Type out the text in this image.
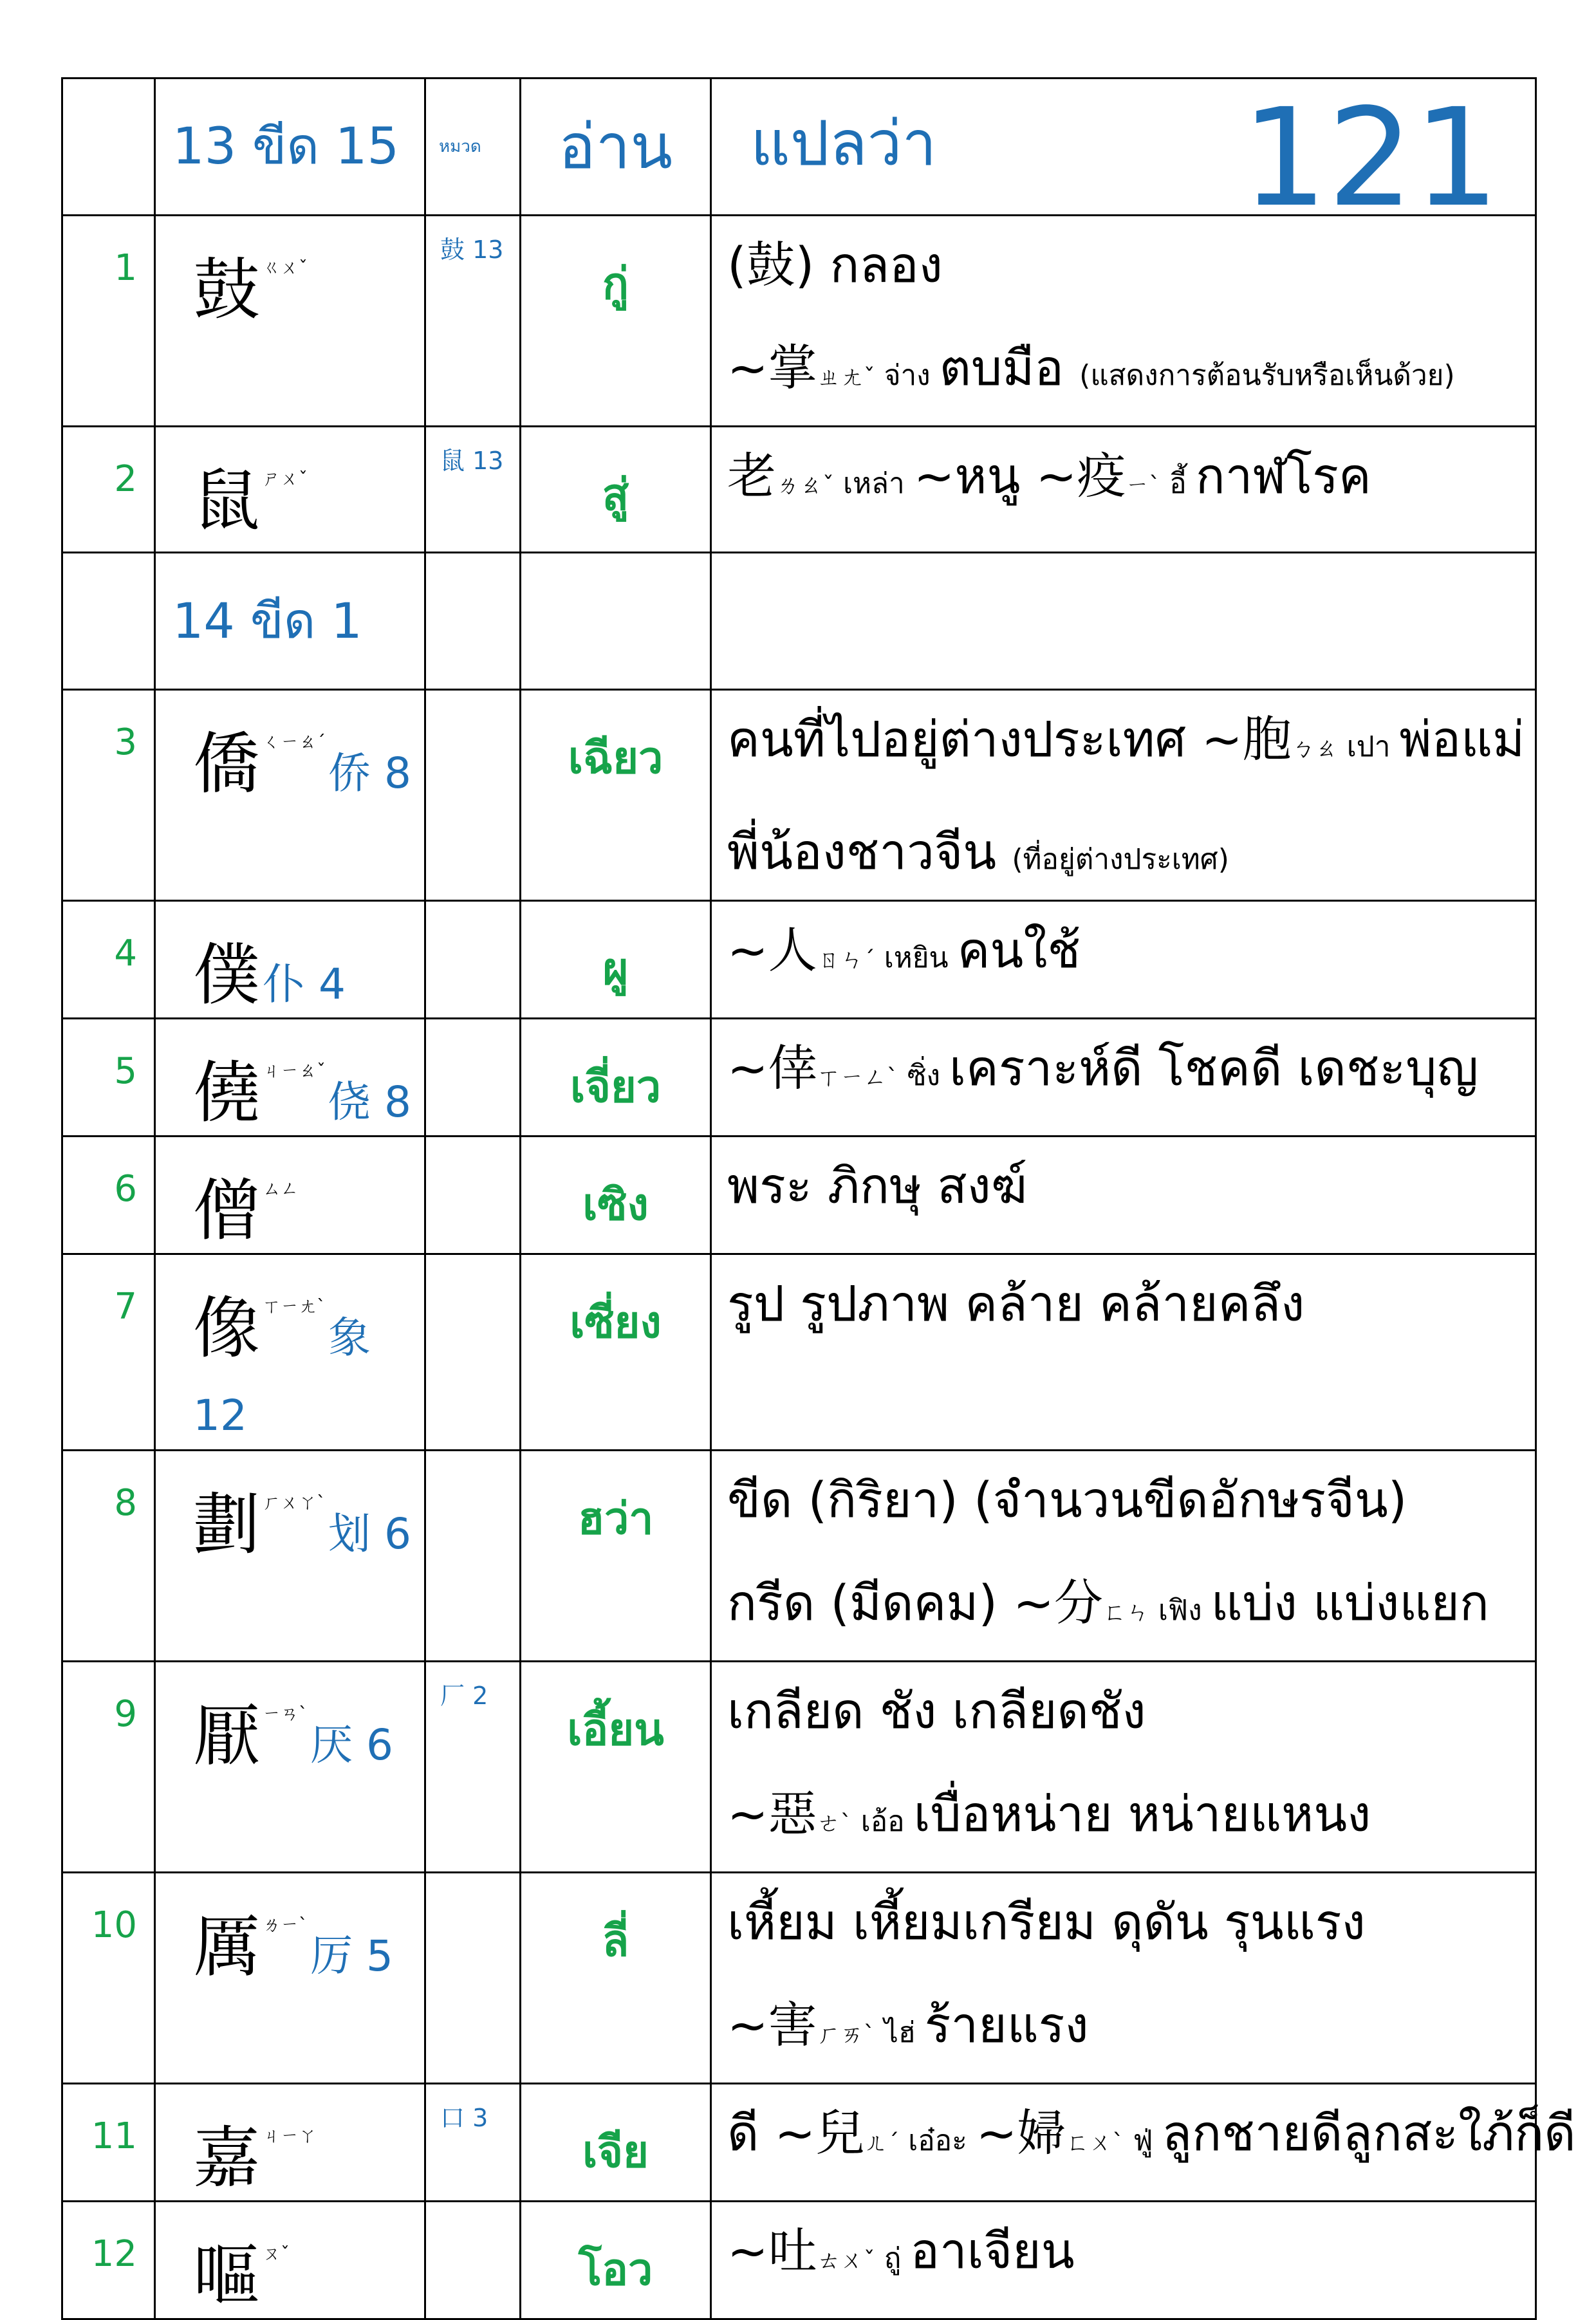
	13 ขีด 15	หมวด	อ่าน	แปลว่า 121

1	鼓 ㄍㄨˇ	鼓 13	กู่	(鼔) กลอง
~掌ㄓㄤˇ จ่าง ตบมือ (แสดงการต้อนรับหรือเห็นด้วย)

2	鼠 ㄕㄨˇ	鼠 13	สู่	老ㄌㄠˇ เหล่า ~หนู ~疫ㄧˋ อี้ กาฬโรค

	14 ขีด 1			
3	僑 ㄑㄧㄠˊ侨 8		เฉียว	คนที่ไปอยู่ต่างประเทศ ~胞ㄅㄠ เปา พ่อแม่
พี่น้องชาวจีน (ที่อยู่ต่างประเทศ)

4	僕仆 4		ผู	~人ㄖㄣˊ เหยิน คนใช้

5	僥 ㄐㄧㄠˇ侥 8		เจี่ยว	~倖ㄒㄧㄥˋ ซิ่ง เคราะห์ดี โชคดี เดชะบุญ

6	僧 ㄙㄥ		เซิง	พระ ภิกษุ สงฆ์

7	像 ㄒㄧㄤˋ象 12		เซี่ยง	รูป รูปภาพ คล้าย คล้ายคลึง

8	劃 ㄏㄨㄚˋ划 6		ฮว่า	ขีด (กิริยา) (จำนวนขีดอักษรจีน)
กรีด (มีดคม) ~分ㄈㄣ เฟิง แบ่ง แบ่งแยก

9	厭 ㄧㄢˋ厌 6	厂 2	เอี้ยน	เกลียด ชัง เกลียดชัง
~惡ㄜˋ เอ้อ เบื่อหน่าย หน่ายแหนง

10	厲 ㄌㄧˋ厉 5		ลี่	เหี้ยม เหี้ยมเกรียม ดุดัน รุนแรง
~害ㄏㄞˋ ไฮ่ ร้ายแรง

11	嘉 ㄐㄧㄚ	口 3	เจีย	ดี ~兒ㄦˊ เอ๋อะ ~婦ㄈㄨˋ ฟู่ ลูกชายดีลูกสะใภ้ก็ดี

12	嘔 ㄡˇ		โอว	~吐ㄊㄨˇ ถู่ อาเจียน
